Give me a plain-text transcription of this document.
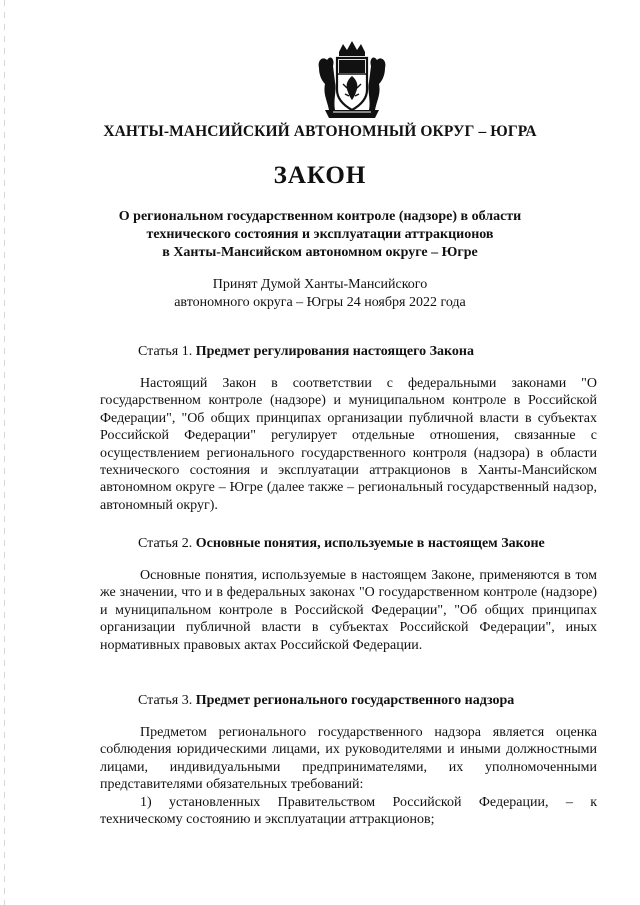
ХАНТЫ-МАНСИЙСКИЙ АВТОНОМНЫЙ ОКРУГ – ЮГРА
ЗАКОН
О региональном государственном контроле (надзоре) в области
технического состояния и эксплуатации аттракционов
в Ханты-Мансийском автономном округе – Югре
Принят Думой Ханты-Мансийского
автономного округа – Югры 24 ноября 2022 года
Статья 1. Предмет регулирования настоящего Закона

Настоящий Закон в соответствии с федеральными законами "О государственном контроле (надзоре) и муниципальном контроле в Российской Федерации", "Об общих принципах организации публичной власти в субъектах Российской Федерации" регулирует отдельные отношения, связанные с осуществлением регионального государственного контроля (надзора) в области технического состояния и эксплуатации аттракционов в Ханты-Мансийском автономном округе – Югре (далее также – региональный государственный надзор, автономный округ).

Статья 2. Основные понятия, используемые в настоящем Законе

Основные понятия, используемые в настоящем Законе, применяются в том же значении, что и в федеральных законах "О государственном контроле (надзоре) и муниципальном контроле в Российской Федерации", "Об общих принципах организации публичной власти в субъектах Российской Федерации", иных нормативных правовых актах Российской Федерации.

Статья 3. Предмет регионального государственного надзора

Предметом регионального государственного надзора является оценка соблюдения юридическими лицами, их руководителями и иными должностными лицами, индивидуальными предпринимателями, их уполномоченными представителями обязательных требований:

1) установленных Правительством Российской Федерации, – к техническому состоянию и эксплуатации аттракционов;
